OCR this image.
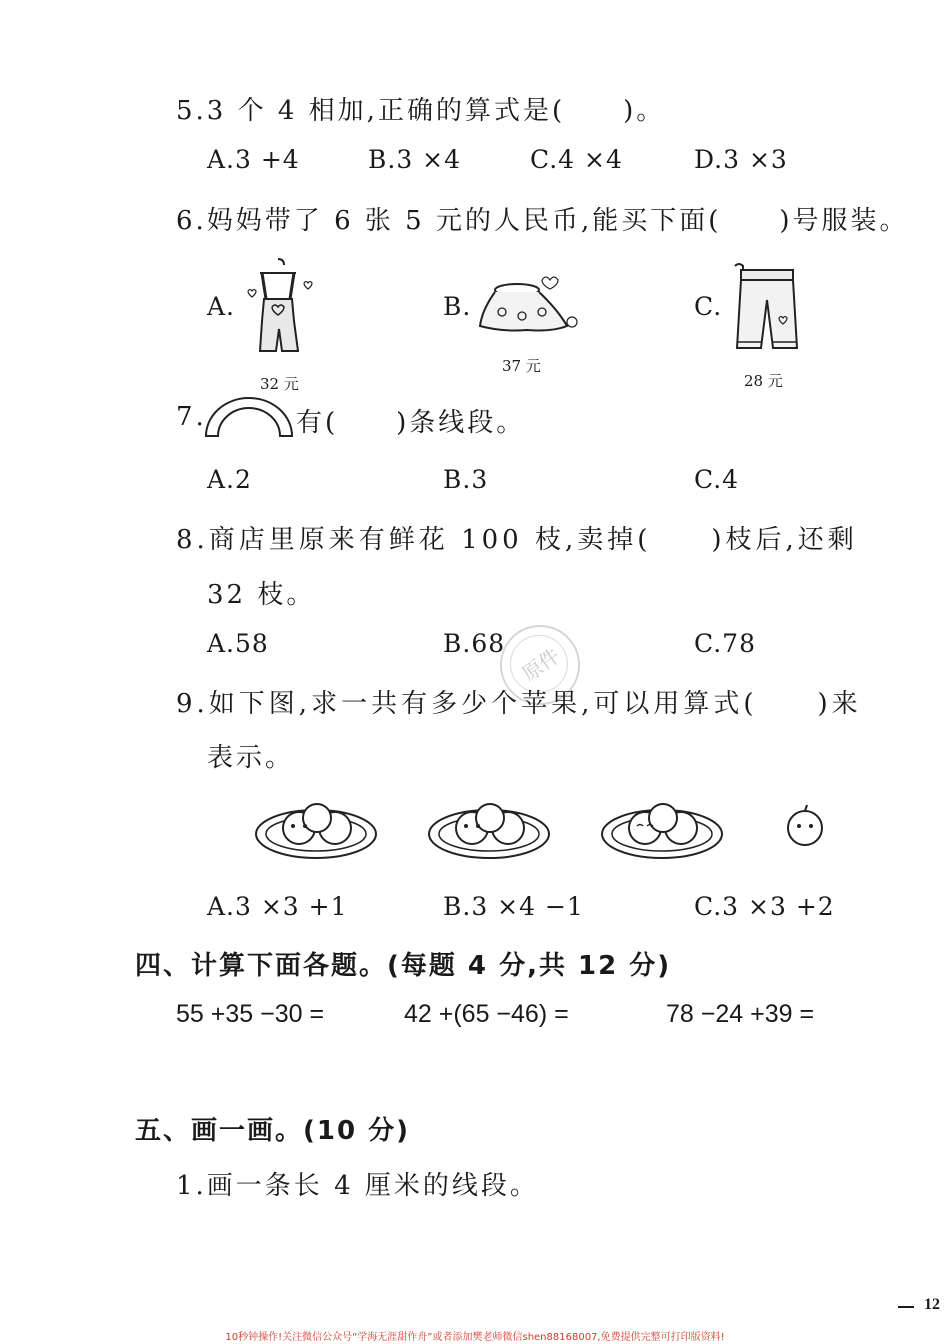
5.3 个 4 相加,正确的算式是(　　)。
A.3 +4	B.3 ×4	C.4 ×4	D.3 ×3
6.妈妈带了 6 张 5 元的人民币,能买下面(　　)号服装。
A.	B.	C.
32 元
37 元
28 元
7.	有(　　)条线段。
A.2	B.3	C.4
8.商店里原来有鲜花 100 枝,卖掉(　　)枝后,还剩
32 枝。
A.58	B.68	C.78
原件
9.如下图,求一共有多少个苹果,可以用算式(　　)来
表示。
A.3 ×3 +1	B.3 ×4 −1	C.3 ×3 +2
四、计算下面各题。(每题 4 分,共 12 分)
55 +35 −30 =	42 +(65 −46) =	78 −24 +39 =
五、画一画。(10 分)
1.画一条长 4 厘米的线段。
12
10秒钟操作!关注微信公众号“学海无涯甜作舟”或者添加樊老师微信shen88168007,免费提供完整可打印版资料!
